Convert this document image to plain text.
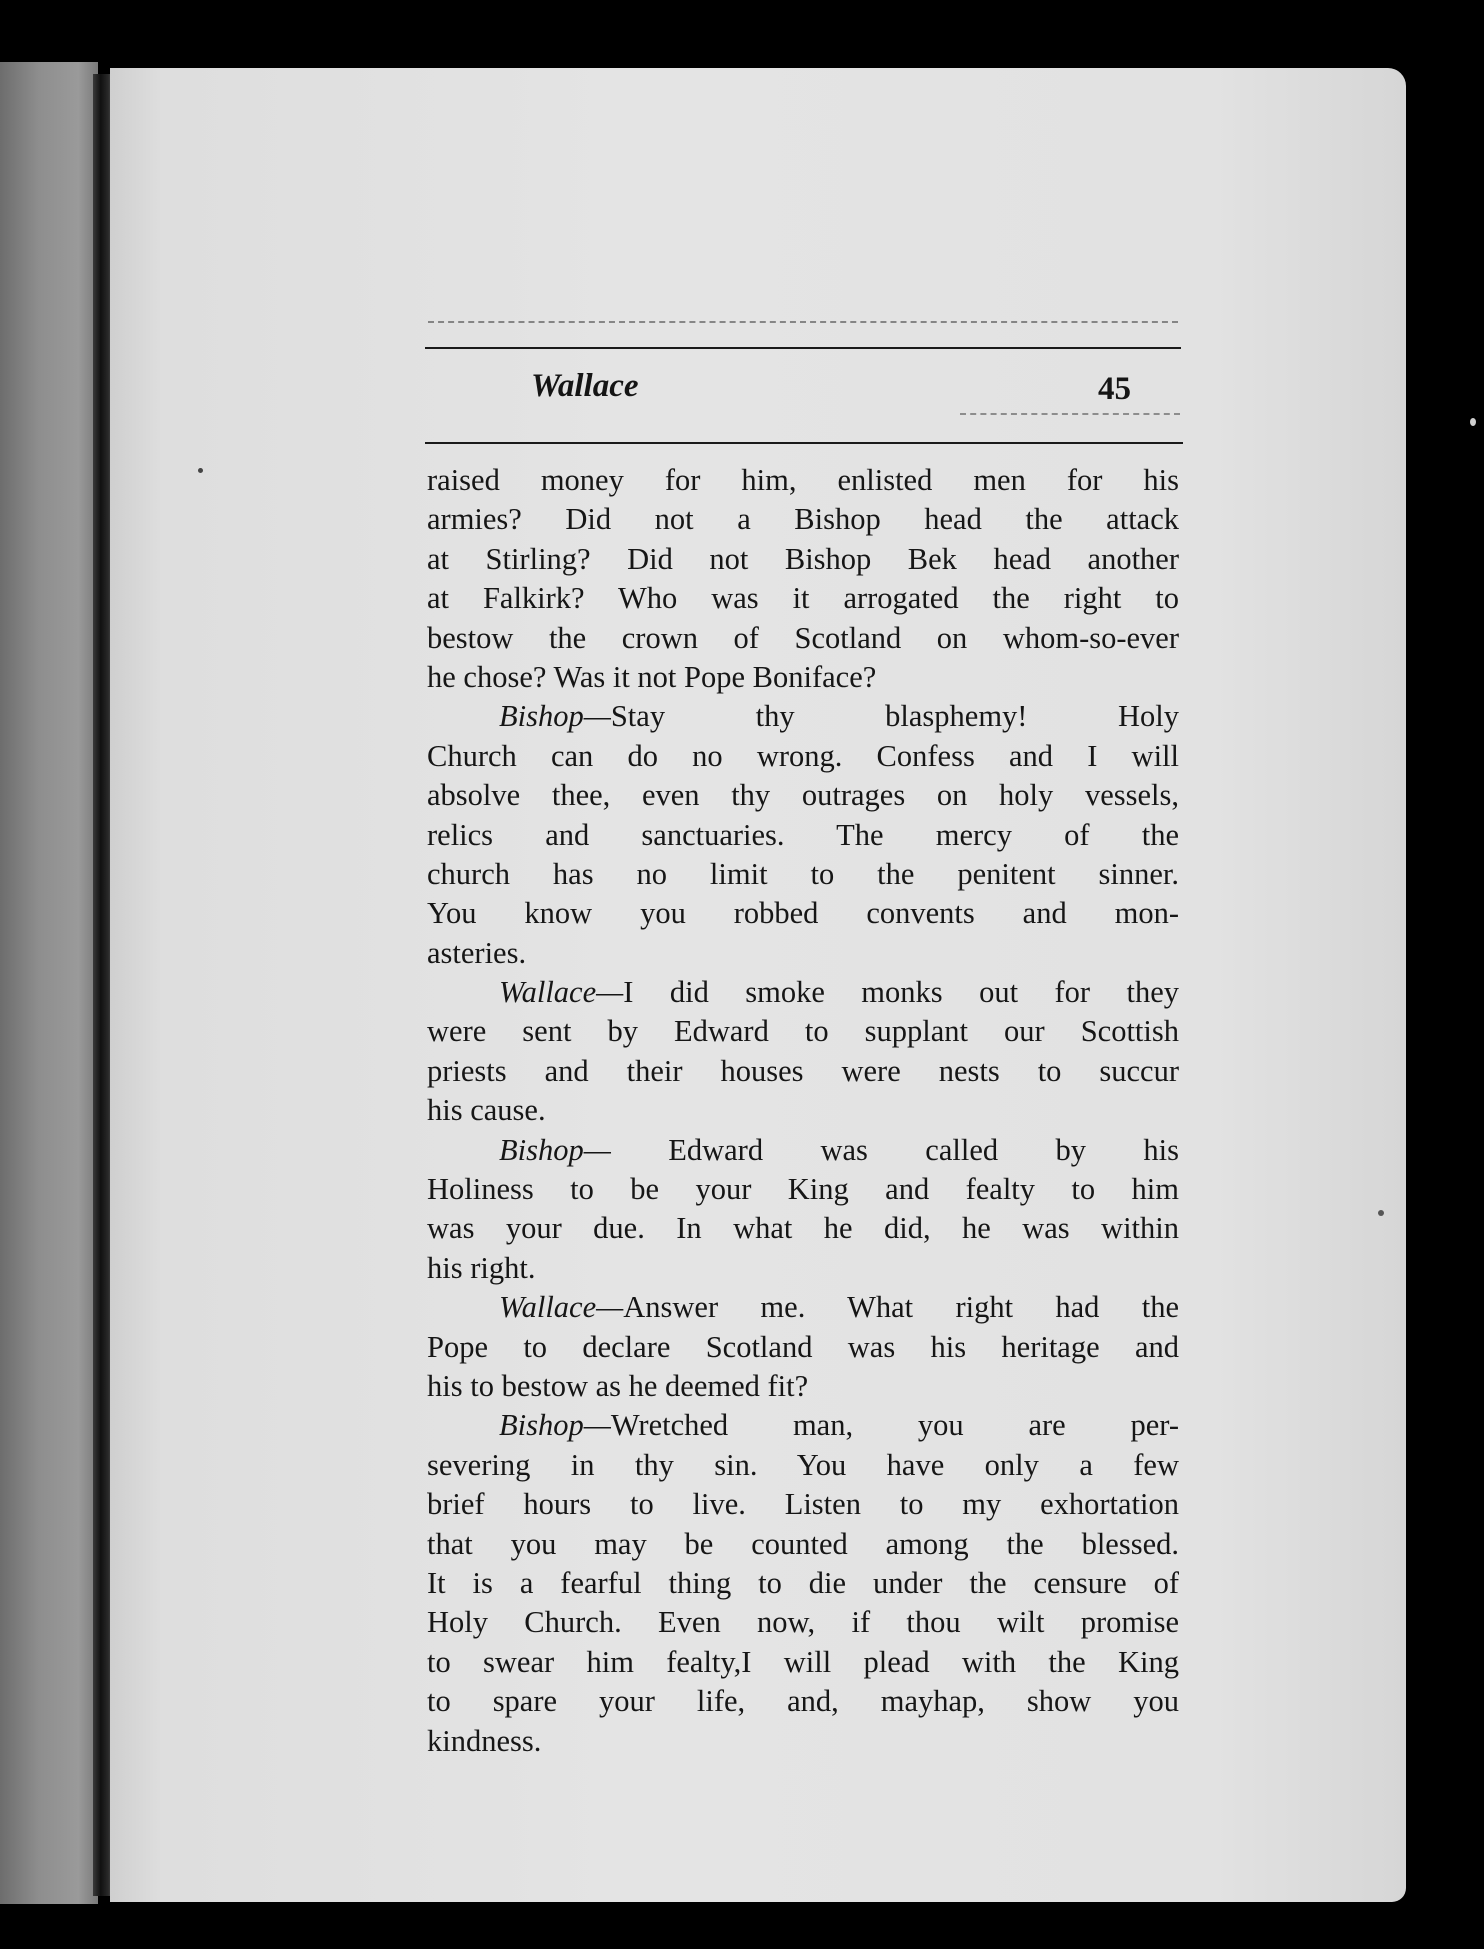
Wallace	45
raised money for him, enlisted men for his
armies? Did not a Bishop head the attack
at Stirling? Did not Bishop Bek head another
at Falkirk? Who was it arrogated the right to
bestow the crown of Scotland on whom-so-ever
he chose? Was it not Pope Boniface?
Bishop—Stay thy blasphemy! Holy
Church can do no wrong. Confess and I will
absolve thee, even thy outrages on holy vessels,
relics and sanctuaries. The mercy of the
church has no limit to the penitent sinner.
You know you robbed convents and mon-
asteries.
Wallace—I did smoke monks out for they
were sent by Edward to supplant our Scottish
priests and their houses were nests to succur
his cause.
Bishop— Edward was called by his
Holiness to be your King and fealty to him
was your due. In what he did, he was within
his right.
Wallace—Answer me. What right had the
Pope to declare Scotland was his heritage and
his to bestow as he deemed fit?
Bishop—Wretched man, you are per-
severing in thy sin. You have only a few
brief hours to live. Listen to my exhortation
that you may be counted among the blessed.
It is a fearful thing to die under the censure of
Holy Church. Even now, if thou wilt promise
to swear him fealty,I will plead with the King
to spare your life, and, mayhap, show you
kindness.
